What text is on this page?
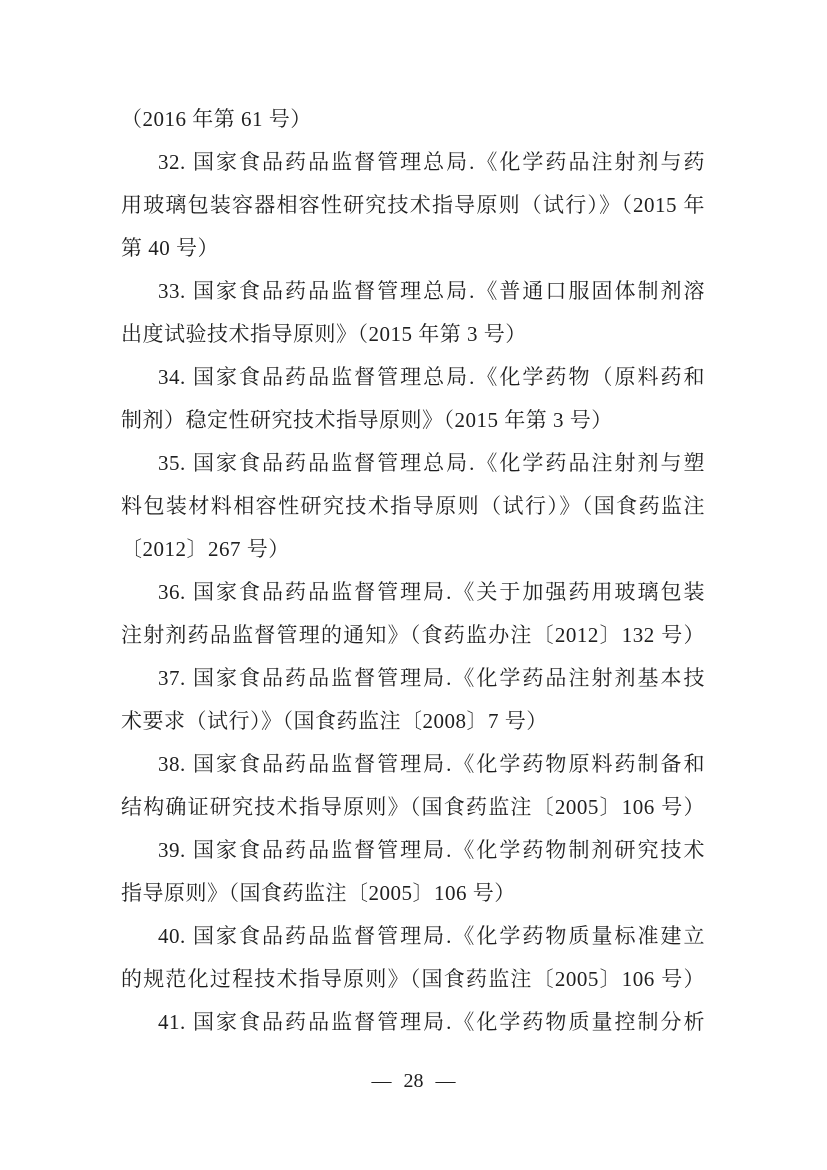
（2016 年第 61 号）
32. 国家食品药品监督管理总局.《化学药品注射剂与药
用玻璃包装容器相容性研究技术指导原则（试行）》（2015 年
第 40 号）
33. 国家食品药品监督管理总局.《普通口服固体制剂溶
出度试验技术指导原则》（2015 年第 3 号）
34. 国家食品药品监督管理总局.《化学药物（原料药和
制剂）稳定性研究技术指导原则》（2015 年第 3 号）
35. 国家食品药品监督管理总局.《化学药品注射剂与塑
料包装材料相容性研究技术指导原则（试行）》（国食药监注
〔2012〕267 号）
36. 国家食品药品监督管理局.《关于加强药用玻璃包装
注射剂药品监督管理的通知》（食药监办注〔2012〕132 号）
37. 国家食品药品监督管理局.《化学药品注射剂基本技
术要求（试行）》（国食药监注〔2008〕7 号）
38. 国家食品药品监督管理局.《化学药物原料药制备和
结构确证研究技术指导原则》（国食药监注〔2005〕106 号）
39. 国家食品药品监督管理局.《化学药物制剂研究技术
指导原则》（国食药监注〔2005〕106 号）
40. 国家食品药品监督管理局.《化学药物质量标准建立
的规范化过程技术指导原则》（国食药监注〔2005〕106 号）
41. 国家食品药品监督管理局.《化学药物质量控制分析
— 28 —
